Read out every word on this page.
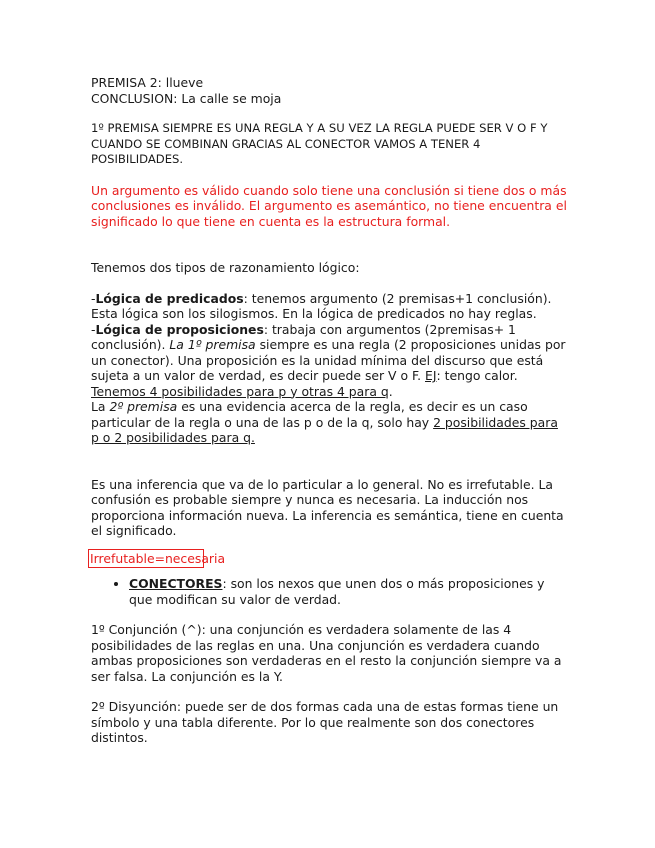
PREMISA 2: llueve

CONCLUSION: La calle se moja

1º PREMISA SIEMPRE ES UNA REGLA Y A SU VEZ LA REGLA PUEDE SER V O F Y CUANDO SE COMBINAN GRACIAS AL CONECTOR VAMOS A TENER 4 POSIBILIDADES.

Un argumento es válido cuando solo tiene una conclusión si tiene dos o más conclusiones es inválido. El argumento es asemántico, no tiene encuentra el significado lo que tiene en cuenta es la estructura formal.

Tenemos dos tipos de razonamiento lógico:

-Lógica de predicados: tenemos argumento (2 premisas+1 conclusión). Esta lógica son los silogismos. En la lógica de predicados no hay reglas.

-Lógica de proposiciones: trabaja con argumentos (2premisas+ 1 conclusión). La 1º premisa siempre es una regla (2 proposiciones unidas por un conector). Una proposición es la unidad mínima del discurso que está sujeta a un valor de verdad, es decir puede ser V o F. EJ: tengo calor. Tenemos 4 posibilidades para p y otras 4 para q.

La 2º premisa es una evidencia acerca de la regla, es decir es un caso particular de la regla o una de las p o de la q, solo hay 2 posibilidades para p o 2 posibilidades para q.

Es una inferencia que va de lo particular a lo general. No es irrefutable. La confusión es probable siempre y nunca es necesaria. La inducción nos proporciona información nueva. La inferencia es semántica, tiene en cuenta el significado.

Irrefutable=necesaria

• CONECTORES: son los nexos que unen dos o más proposiciones y que modifican su valor de verdad.

1º Conjunción (^): una conjunción es verdadera solamente de las 4 posibilidades de las reglas en una. Una conjunción es verdadera cuando ambas proposiciones son verdaderas en el resto la conjunción siempre va a ser falsa. La conjunción es la Y.

2º Disyunción: puede ser de dos formas cada una de estas formas tiene un símbolo y una tabla diferente. Por lo que realmente son dos conectores distintos.
